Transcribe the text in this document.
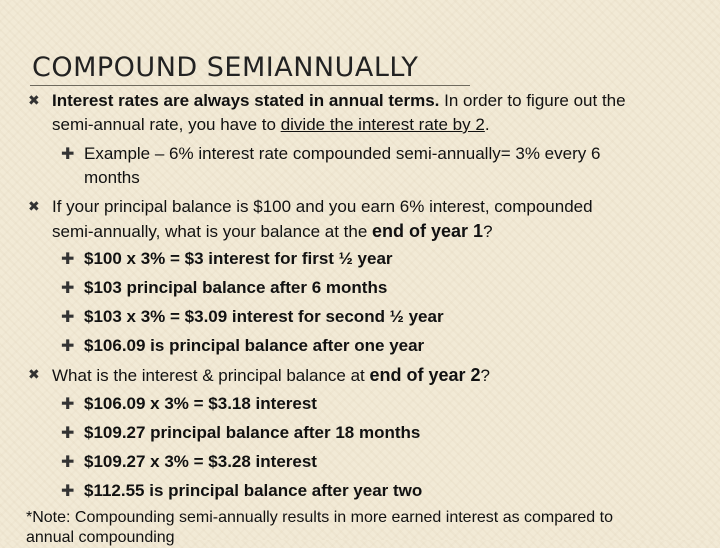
COMPOUND SEMIANNUALLY
✖ Interest rates are always stated in annual terms. In order to figure out the
semi-annual rate, you have to divide the interest rate by 2.
✚ Example – 6% interest rate compounded semi-annually= 3% every 6
months
✖ If your principal balance is $100 and you earn 6% interest, compounded
semi-annually, what is your balance at the end of year 1?
✚ $100 x 3% = $3 interest for first ½ year
✚ $103 principal balance after 6 months
✚ $103 x 3% = $3.09 interest for second ½ year
✚ $106.09 is principal balance after one year
✖ What is the interest & principal balance at end of year 2?
✚ $106.09 x 3% = $3.18 interest
✚ $109.27 principal balance after 18 months
✚ $109.27 x 3% = $3.28 interest
✚ $112.55 is principal balance after year two
*Note: Compounding semi-annually results in more earned interest as compared to
annual compounding
